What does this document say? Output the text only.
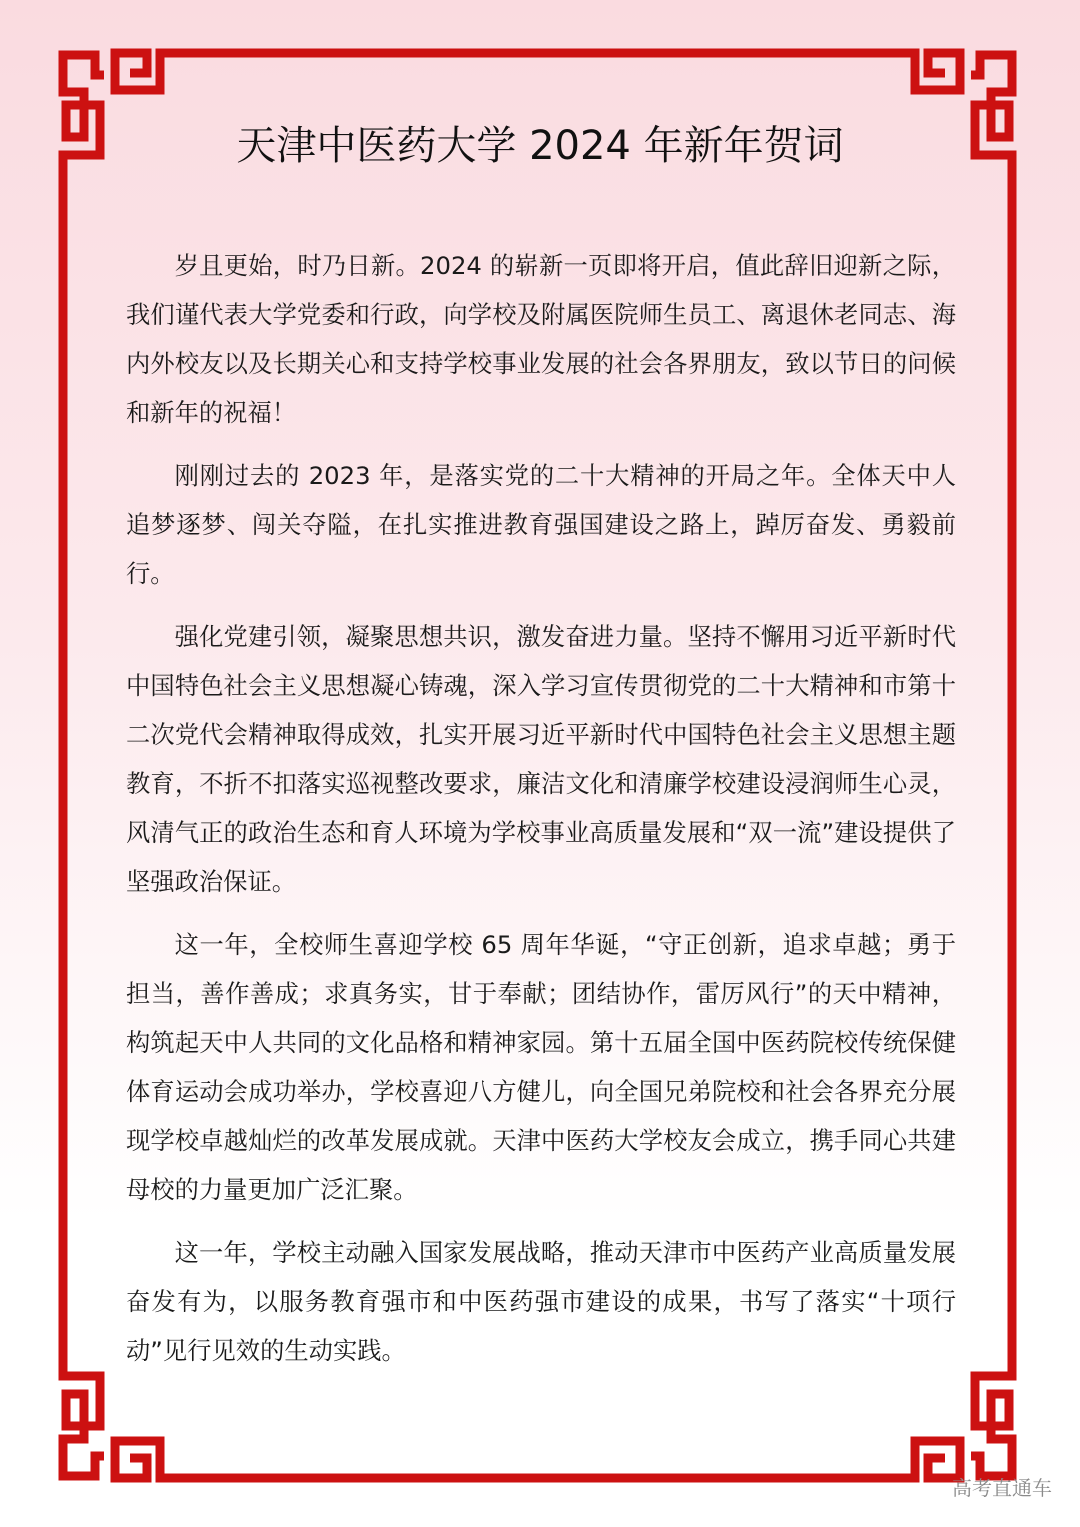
天津中医药大学 2024 年新年贺词

岁且更始，时乃日新。2024 的崭新一页即将开启，值此辞旧迎新之际，我们谨代表大学党委和行政，向学校及附属医院师生员工、离退休老同志、海内外校友以及长期关心和支持学校事业发展的社会各界朋友，致以节日的问候和新年的祝福！

刚刚过去的 2023 年，是落实党的二十大精神的开局之年。全体天中人追梦逐梦、闯关夺隘，在扎实推进教育强国建设之路上，踔厉奋发、勇毅前行。

强化党建引领，凝聚思想共识，激发奋进力量。坚持不懈用习近平新时代中国特色社会主义思想凝心铸魂，深入学习宣传贯彻党的二十大精神和市第十二次党代会精神取得成效，扎实开展习近平新时代中国特色社会主义思想主题教育，不折不扣落实巡视整改要求，廉洁文化和清廉学校建设浸润师生心灵，风清气正的政治生态和育人环境为学校事业高质量发展和“双一流”建设提供了坚强政治保证。

这一年，全校师生喜迎学校 65 周年华诞，“守正创新，追求卓越；勇于担当，善作善成；求真务实，甘于奉献；团结协作，雷厉风行”的天中精神，构筑起天中人共同的文化品格和精神家园。第十五届全国中医药院校传统保健体育运动会成功举办，学校喜迎八方健儿，向全国兄弟院校和社会各界充分展现学校卓越灿烂的改革发展成就。天津中医药大学校友会成立，携手同心共建母校的力量更加广泛汇聚。

这一年，学校主动融入国家发展战略，推动天津市中医药产业高质量发展奋发有为，以服务教育强市和中医药强市建设的成果，书写了落实“十项行动”见行见效的生动实践。

高考直通车
